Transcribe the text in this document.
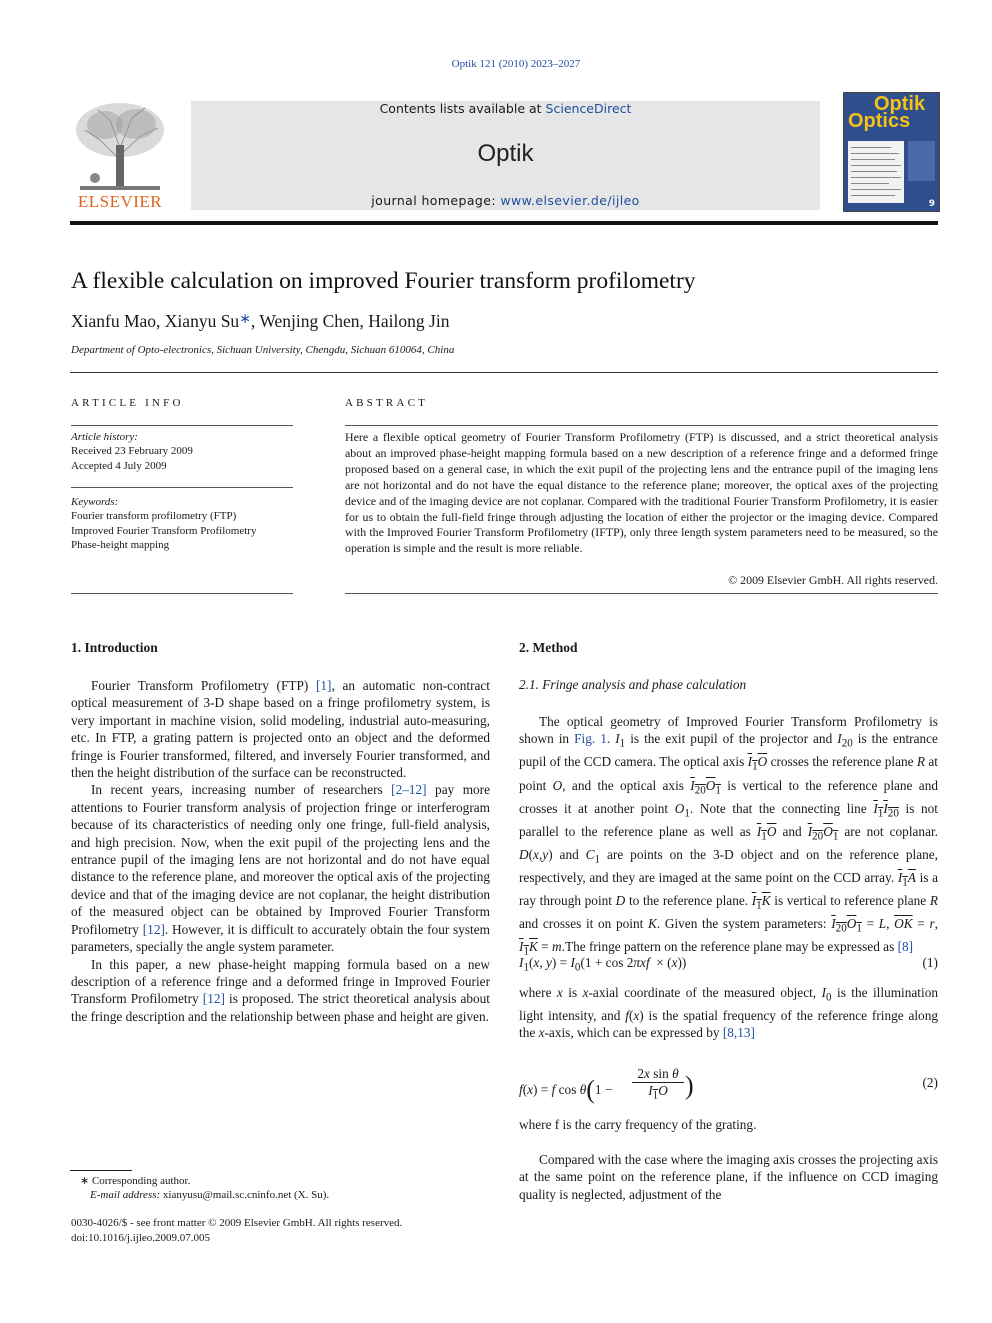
Optik 121 (2010) 2023–2027
ELSEVIER
Contents lists available at ScienceDirect
Optik
journal homepage: www.elsevier.de/ijleo
Optik
Optics
9
A flexible calculation on improved Fourier transform profilometry
Xianfu Mao, Xianyu Su∗, Wenjing Chen, Hailong Jin
Department of Opto-electronics, Sichuan University, Chengdu, Sichuan 610064, China
ARTICLE INFO
Article history:
Received 23 February 2009
Accepted 4 July 2009
Keywords:
Fourier transform profilometry (FTP)
Improved Fourier Transform Profilometry
Phase-height mapping
ABSTRACT
Here a flexible optical geometry of Fourier Transform Profilometry (FTP) is discussed, and a strict theoretical analysis about an improved phase-height mapping formula based on a new description of a reference fringe and a deformed fringe proposed based on a general case, in which the exit pupil of the projecting lens and the entrance pupil of the imaging lens are not horizontal and do not have the equal distance to the reference plane; moreover, the optical axes of the projecting device and of the imaging device are not coplanar. Compared with the traditional Fourier Transform Profilometry, it is easier for us to obtain the full-field fringe through adjusting the location of either the projector or the imaging device. Compared with the Improved Fourier Transform Profilometry (IFTP), only three length system parameters need to be measured, so the operation is simple and the result is more reliable.
© 2009 Elsevier GmbH. All rights reserved.
1. Introduction

Fourier Transform Profilometry (FTP) [1], an automatic non-contract optical measurement of 3-D shape based on a fringe profilometry system, is very important in machine vision, solid modeling, industrial auto-measuring, etc. In FTP, a grating pattern is projected onto an object and the deformed fringe is Fourier transformed, filtered, and inversely Fourier transformed, and then the height distribution of the surface can be reconstructed.

In recent years, increasing number of researchers [2–12] pay more attentions to Fourier transform analysis of projection fringe or interferogram because of its characteristics of needing only one fringe, full-field analysis, and high precision. Now, when the exit pupil of the projecting lens and the entrance pupil of the imaging lens are not horizontal and do not have equal distance to the reference plane, and moreover the optical axis of the projecting device and that of the imaging device are not coplanar, the height distribution of the measured object can be obtained by Improved Fourier Transform Profilometry [12]. However, it is difficult to accurately obtain the four system parameters, specially the angle system parameter.

In this paper, a new phase-height mapping formula based on a new description of a reference fringe and a deformed fringe in Improved Fourier Transform Profilometry [12] is proposed. The strict theoretical analysis about the fringe description and the relationship between phase and height are given.

2. Method
2.1. Fringe analysis and phase calculation

The optical geometry of Improved Fourier Transform Profilometry is shown in Fig. 1. $I_1$ is the exit pupil of the projector and $I_{20}$ is the entrance pupil of the CCD camera. The optical axis $I_1O$ crosses the reference plane R at point O, and the optical axis $I_{20}O_1$ is vertical to the reference plane and crosses it at another point $O_1$. Note that the connecting line $I_1I_{20}$ is not parallel to the reference plane as well as $I_1O$ and $I_{20}O_1$ are not coplanar. D(x,y) and $C_1$ are points on the 3-D object and on the reference plane, respectively, and they are imaged at the same point on the CCD array. $I_1A$ is a ray through point D to the reference plane. $I_1K$ is vertical to reference plane R and crosses it on point K. Given the system parameters: $I_{20}O_1 = L$, $\overline{OK} = r$, $I_1K = m.The$ fringe pattern on the reference plane may be expressed as [8]

$I_1(x$, $y) = I_0(1 + \cos 2\pi xf \times (x))$	(1)

where x is x-axial coordinate of the measured object, $I_0$ is the illumination light intensity, and f(x) is the spatial frequency of the reference fringe along the x-axis, which can be expressed by [8,13]

f(x) = f cos θ(1 −
2x sin θ
$I_1O$ )	(2)

where f is the carry frequency of the grating.

Compared with the case where the imaging axis crosses the projecting axis at the same point on the reference plane, if the influence on CCD imaging quality is neglected, adjustment of the

∗ Corresponding author.
E-mail address: xianyusu@mail.sc.cninfo.net (X. Su).
0030-4026/$ - see front matter © 2009 Elsevier GmbH. All rights reserved.
doi:10.1016/j.ijleo.2009.07.005
